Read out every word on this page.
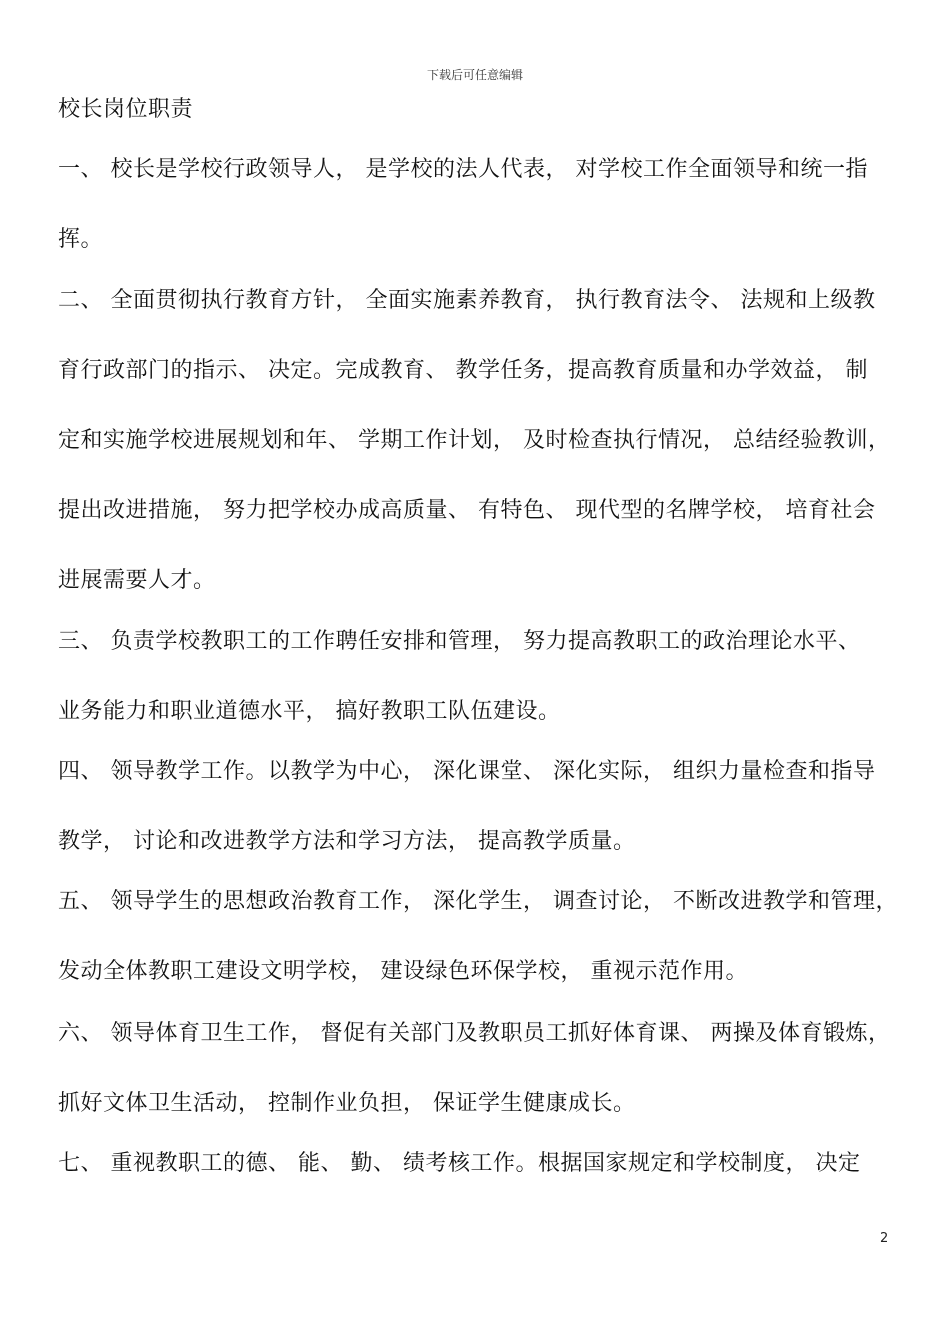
下载后可任意编辑
校长岗位职责
一、 校长是学校行政领导人， 是学校的法人代表， 对学校工作全面领导和统一指
挥。
二、 全面贯彻执行教育方针， 全面实施素养教育， 执行教育法令、 法规和上级教
育行政部门的指示、 决定。完成教育、 教学任务，提高教育质量和办学效益， 制
定和实施学校进展规划和年、 学期工作计划， 及时检查执行情况， 总结经验教训，
提出改进措施， 努力把学校办成高质量、 有特色、 现代型的名牌学校， 培育社会
进展需要人才。
三、 负责学校教职工的工作聘任安排和管理， 努力提高教职工的政治理论水平、
业务能力和职业道德水平， 搞好教职工队伍建设。
四、 领导教学工作。以教学为中心， 深化课堂、 深化实际， 组织力量检查和指导
教学， 讨论和改进教学方法和学习方法， 提高教学质量。
五、 领导学生的思想政治教育工作， 深化学生， 调查讨论， 不断改进教学和管理，
发动全体教职工建设文明学校， 建设绿色环保学校， 重视示范作用。
六、 领导体育卫生工作， 督促有关部门及教职员工抓好体育课、 两操及体育锻炼，
抓好文体卫生活动， 控制作业负担， 保证学生健康成长。
七、 重视教职工的德、 能、 勤、 绩考核工作。根据国家规定和学校制度， 决定
2
